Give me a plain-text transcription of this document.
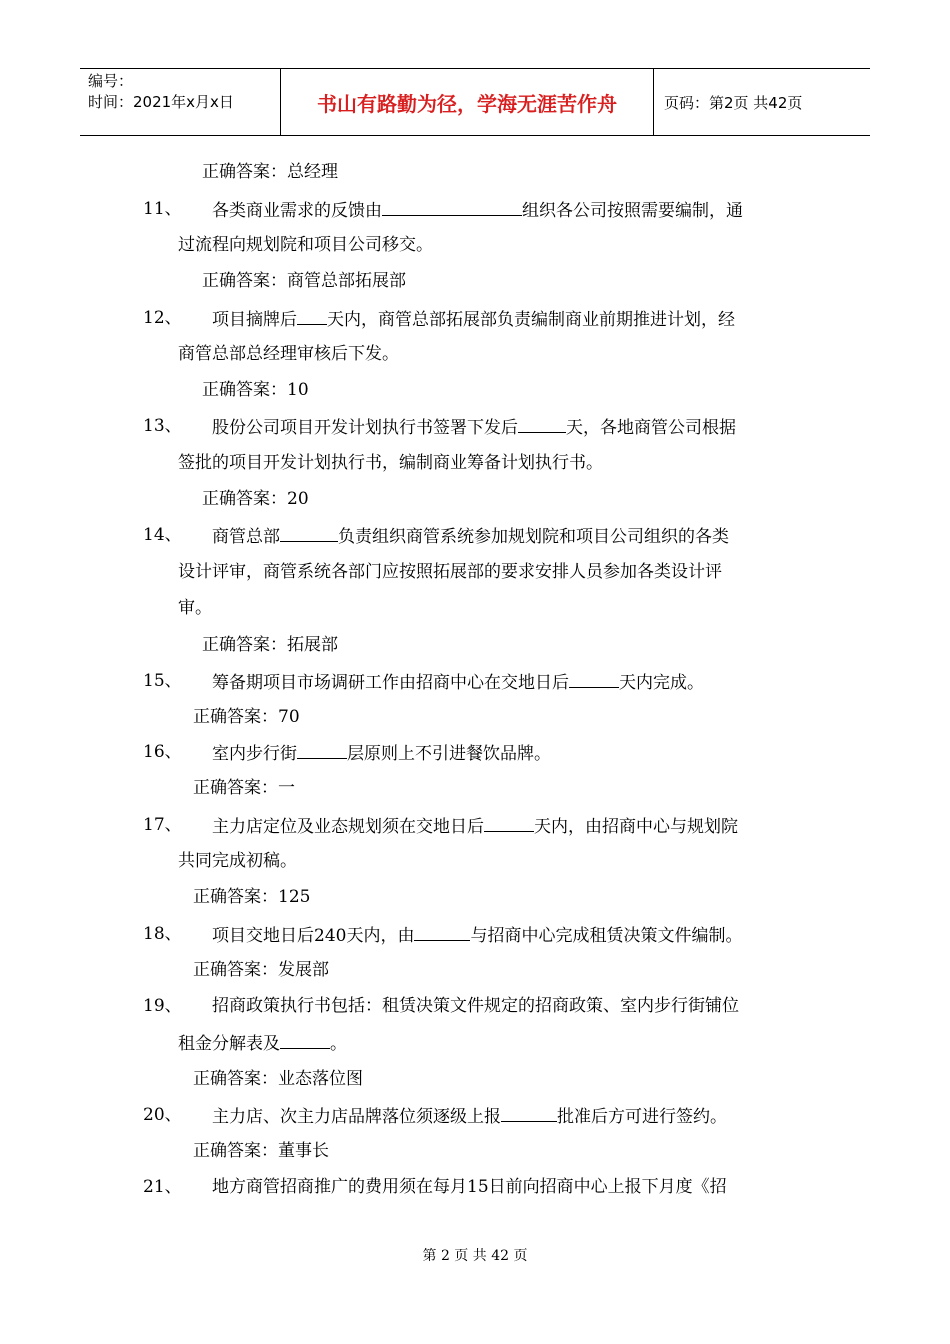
编号：
时间：2021年x月x日	书山有路勤为径，学海无涯苦作舟	页码：第2页 共42页
正确答案：总经理
11、 各类商业需求的反馈由	组织各公司按照需要编制，通
过流程向规划院和项目公司移交。
正确答案：商管总部拓展部
12、 项目摘牌后 天内，商管总部拓展部负责编制商业前期推进计划，经
商管总部总经理审核后下发。
正确答案：10
13、 股份公司项目开发计划执行书签署下发后	天，各地商管公司根据
签批的项目开发计划执行书，编制商业筹备计划执行书。
正确答案：20
14、 商管总部	负责组织商管系统参加规划院和项目公司组织的各类
设计评审，商管系统各部门应按照拓展部的要求安排人员参加各类设计评
审。
正确答案：拓展部
15、 筹备期项目市场调研工作由招商中心在交地日后	天内完成。
正确答案：70
16、 室内步行街	层原则上不引进餐饮品牌。
正确答案：一
17、 主力店定位及业态规划须在交地日后	天内，由招商中心与规划院
共同完成初稿。
正确答案：125
18、 项目交地日后240天内，由	与招商中心完成租赁决策文件编制。
正确答案：发展部
19、 招商政策执行书包括：租赁决策文件规定的招商政策、室内步行街铺位
租金分解表及	。
正确答案：业态落位图
20、 主力店、次主力店品牌落位须逐级上报	批准后方可进行签约。
正确答案：董事长
21、 地方商管招商推广的费用须在每月15日前向招商中心上报下月度《招
第 2 页 共 42 页
